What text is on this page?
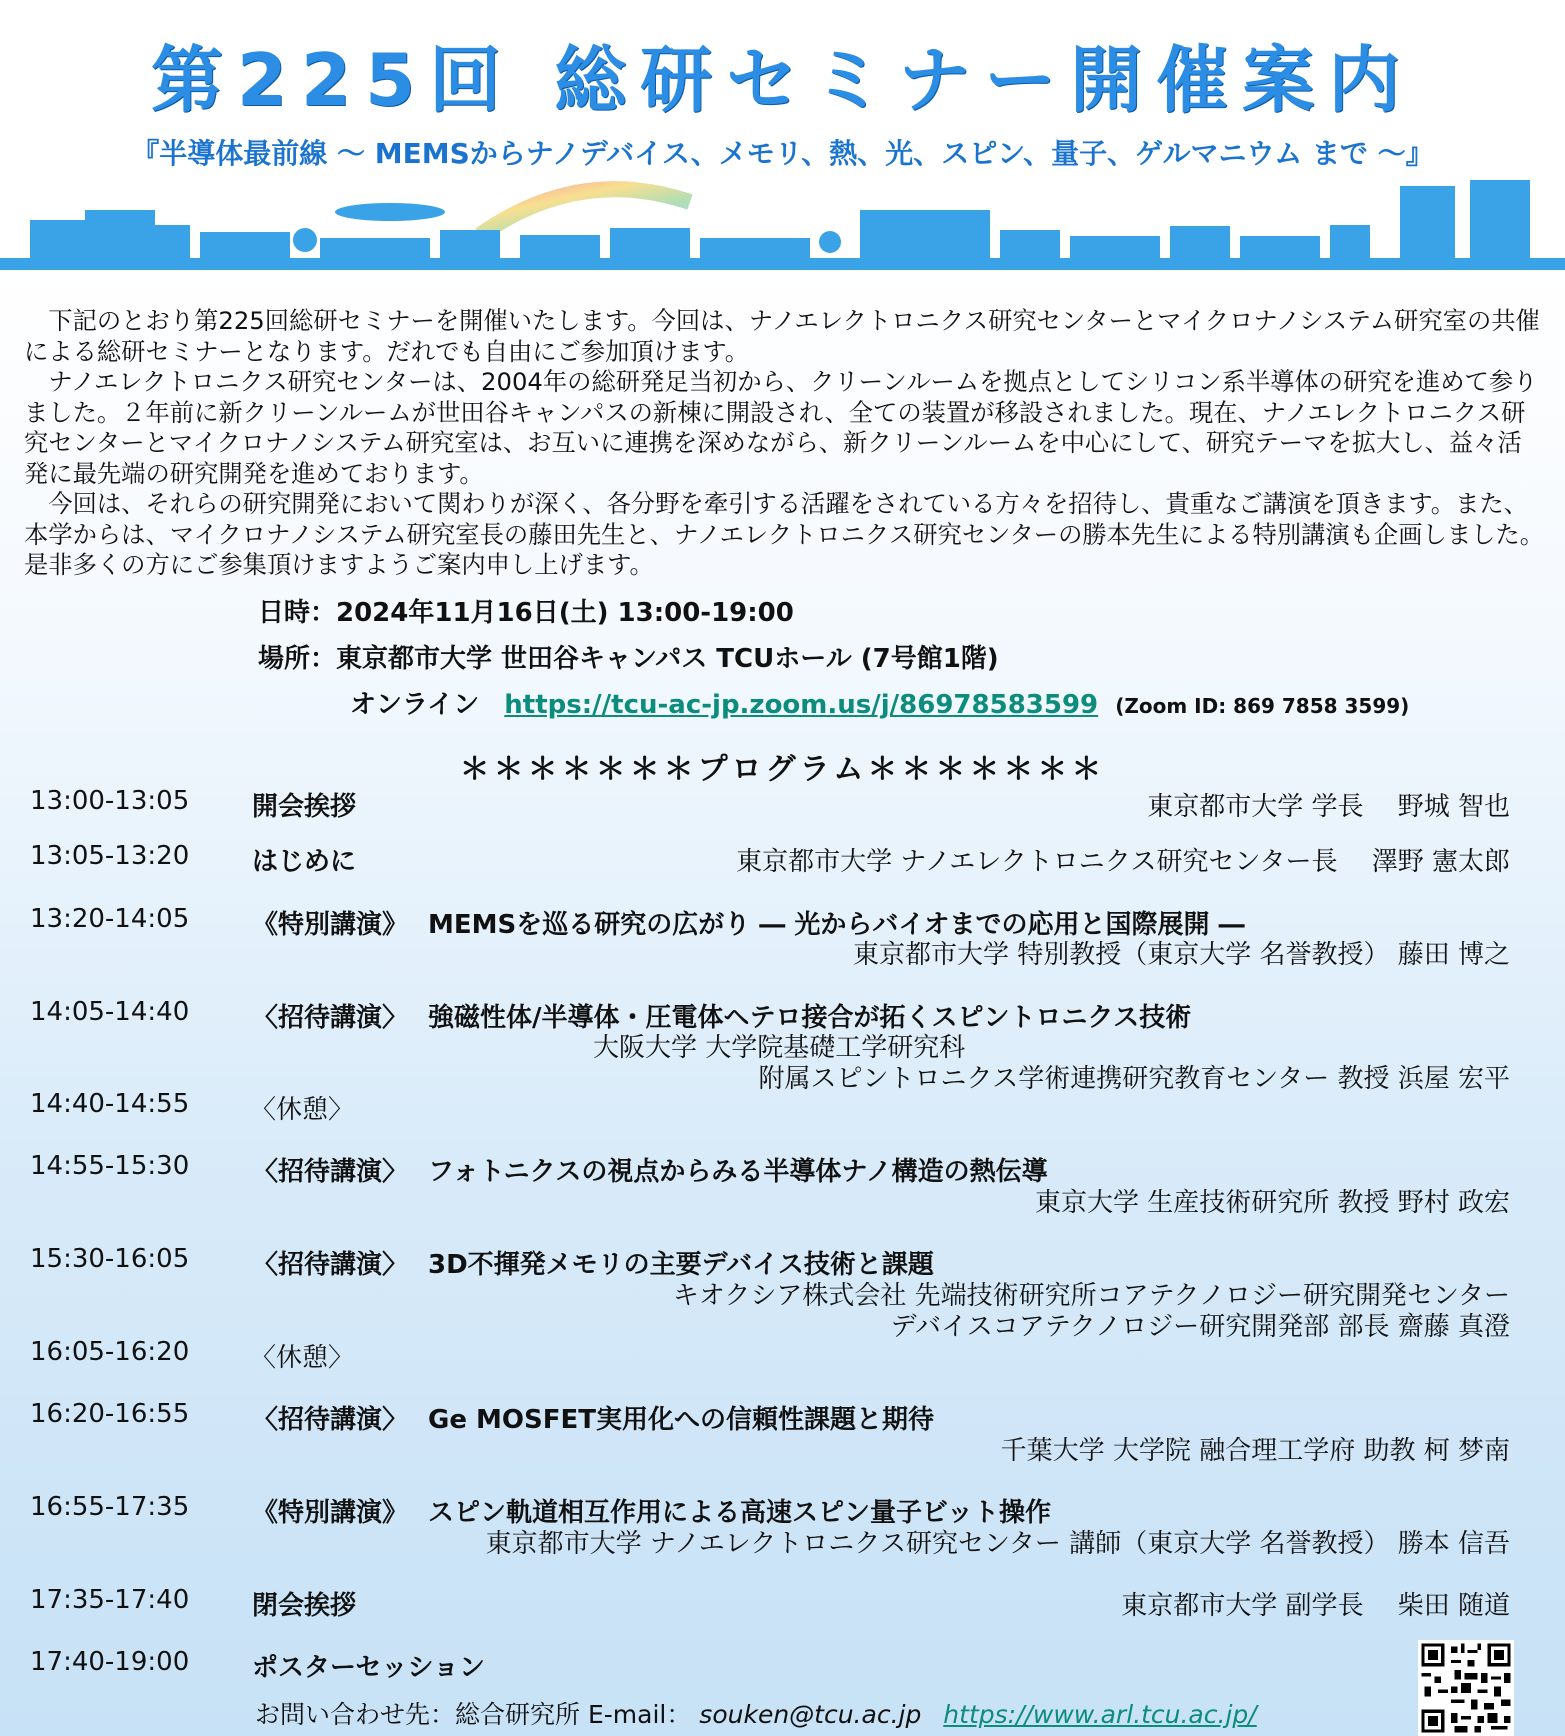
第225回 総研セミナー開催案内
『半導体最前線 〜 MEMSからナノデバイス、メモリ、熱、光、スピン、量子、ゲルマニウム まで 〜』

下記のとおり第225回総研セミナーを開催いたします。今回は、ナノエレクトロニクス研究センターとマイクロナノシステム研究室の共催による総研セミナーとなります。だれでも自由にご参加頂けます。

ナノエレクトロニクス研究センターは、2004年の総研発足当初から、クリーンルームを拠点としてシリコン系半導体の研究を進めて参りました。２年前に新クリーンルームが世田谷キャンパスの新棟に開設され、全ての装置が移設されました。現在、ナノエレクトロニクス研究センターとマイクロナノシステム研究室は、お互いに連携を深めながら、新クリーンルームを中心にして、研究テーマを拡大し、益々活発に最先端の研究開発を進めております。

今回は、それらの研究開発において関わりが深く、各分野を牽引する活躍をされている方々を招待し、貴重なご講演を頂きます。また、本学からは、マイクロナノシステム研究室長の藤田先生と、ナノエレクトロニクス研究センターの勝本先生による特別講演も企画しました。是非多くの方にご参集頂けますようご案内申し上げます。

日時：2024年11月16日(土) 13:00-19:00
場所：東京都市大学 世田谷キャンパス TCUホール (7号館1階)
オンライン https://tcu-ac-jp.zoom.us/j/86978583599 (Zoom ID: 869 7858 3599)
＊＊＊＊＊＊＊プログラム＊＊＊＊＊＊＊
13:00-13:05 開会挨拶	東京都市大学 学長　 野城 智也
13:05-13:20 はじめに	東京都市大学 ナノエレクトロニクス研究センター長　 澤野 憲太郎
13:20-14:05 《特別講演》 MEMSを巡る研究の広がり ― 光からバイオまでの応用と国際展開 ―
東京都市大学 特別教授（東京大学 名誉教授） 藤田 博之
14:05-14:40 〈招待講演〉 強磁性体/半導体・圧電体ヘテロ接合が拓くスピントロニクス技術
大阪大学 大学院基礎工学研究科
附属スピントロニクス学術連携研究教育センター 教授 浜屋 宏平
14:40-14:55 〈休憩〉
14:55-15:30 〈招待講演〉 フォトニクスの視点からみる半導体ナノ構造の熱伝導
東京大学 生産技術研究所 教授 野村 政宏
15:30-16:05 〈招待講演〉 3D不揮発メモリの主要デバイス技術と課題
キオクシア株式会社 先端技術研究所コアテクノロジー研究開発センター
デバイスコアテクノロジー研究開発部 部長 齋藤 真澄
16:05-16:20 〈休憩〉
16:20-16:55 〈招待講演〉 Ge MOSFET実用化への信頼性課題と期待
千葉大学 大学院 融合理工学府 助教 柯 梦南
16:55-17:35 《特別講演》 スピン軌道相互作用による高速スピン量子ビット操作
東京都市大学 ナノエレクトロニクス研究センター 講師（東京大学 名誉教授） 勝本 信吾
17:35-17:40 閉会挨拶	東京都市大学 副学長　 柴田 随道
17:40-19:00 ポスターセッション
お問い合わせ先：総合研究所 E-mail： souken@tcu.ac.jp https://www.arl.tcu.ac.jp/
